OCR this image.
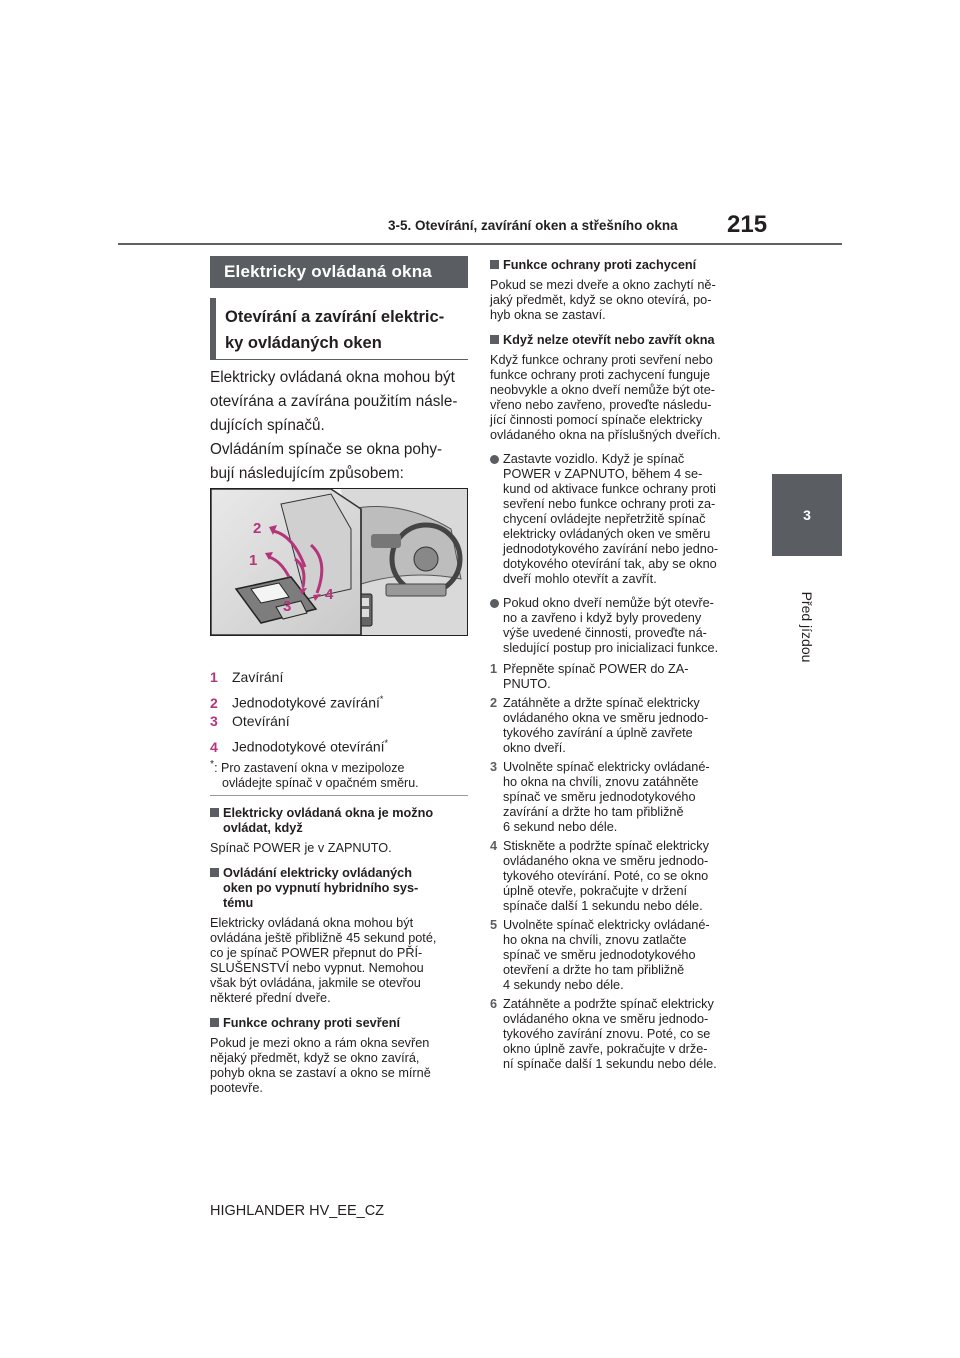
3-5. Otevírání, zavírání oken a střešního okna 215
3
Před jízdou
Elektricky ovládaná okna
Otevírání a zavírání elektric-
ky ovládaných oken
Elektricky ovládaná okna mohou být
otevírána a zavírána použitím násle-
dujících spínačů.
Ovládáním spínače se okna pohy-
bují následujícím způsobem:
2
1
4
3
1 Zavírání
2 Jednodotykové zavírání*
3 Otevírání
4 Jednodotykové otevírání*
*: Pro zastavení okna v mezipoloze
ovládejte spínač v opačném směru.
Elektricky ovládaná okna je možno
ovládat, když
Spínač POWER je v ZAPNUTO.
Ovládání elektricky ovládaných
oken po vypnutí hybridního sys-
tému
Elektricky ovládaná okna mohou být
ovládána ještě přibližně 45 sekund poté,
co je spínač POWER přepnut do PŘÍ-
SLUŠENSTVÍ nebo vypnut. Nemohou
však být ovládána, jakmile se otevřou
některé přední dveře.
Funkce ochrany proti sevření
Pokud je mezi okno a rám okna sevřen
nějaký předmět, když se okno zavírá,
pohyb okna se zastaví a okno se mírně
pootevře.
Funkce ochrany proti zachycení
Pokud se mezi dveře a okno zachytí ně-
jaký předmět, když se okno otevírá, po-
hyb okna se zastaví.
Když nelze otevřít nebo zavřít okna
Když funkce ochrany proti sevření nebo
funkce ochrany proti zachycení funguje
neobvykle a okno dveří nemůže být ote-
vřeno nebo zavřeno, proveďte následu-
jící činnosti pomocí spínače elektricky
ovládaného okna na příslušných dveřích.
Zastavte vozidlo. Když je spínač
POWER v ZAPNUTO, během 4 se-
kund od aktivace funkce ochrany proti
sevření nebo funkce ochrany proti za-
chycení ovládejte nepřetržitě spínač
elektricky ovládaných oken ve směru
jednodotykového zavírání nebo jedno-
dotykového otevírání tak, aby se okno
dveří mohlo otevřít a zavřít.
Pokud okno dveří nemůže být otevře-
no a zavřeno i když byly provedeny
výše uvedené činnosti, proveďte ná-
sledující postup pro inicializaci funkce.
1 Přepněte spínač POWER do ZA-
PNUTO.
2 Zatáhněte a držte spínač elektricky
ovládaného okna ve směru jednodo-
tykového zavírání a úplně zavřete
okno dveří.
3 Uvolněte spínač elektricky ovládané-
ho okna na chvíli, znovu zatáhněte
spínač ve směru jednodotykového
zavírání a držte ho tam přibližně
6 sekund nebo déle.
4 Stiskněte a podržte spínač elektricky
ovládaného okna ve směru jednodo-
tykového otevírání. Poté, co se okno
úplně otevře, pokračujte v držení
spínače další 1 sekundu nebo déle.
5 Uvolněte spínač elektricky ovládané-
ho okna na chvíli, znovu zatlačte
spínač ve směru jednodotykového
otevření a držte ho tam přibližně
4 sekundy nebo déle.
6 Zatáhněte a podržte spínač elektricky
ovládaného okna ve směru jednodo-
tykového zavírání znovu. Poté, co se
okno úplně zavře, pokračujte v drže-
ní spínače další 1 sekundu nebo déle.
HIGHLANDER HV_EE_CZ
